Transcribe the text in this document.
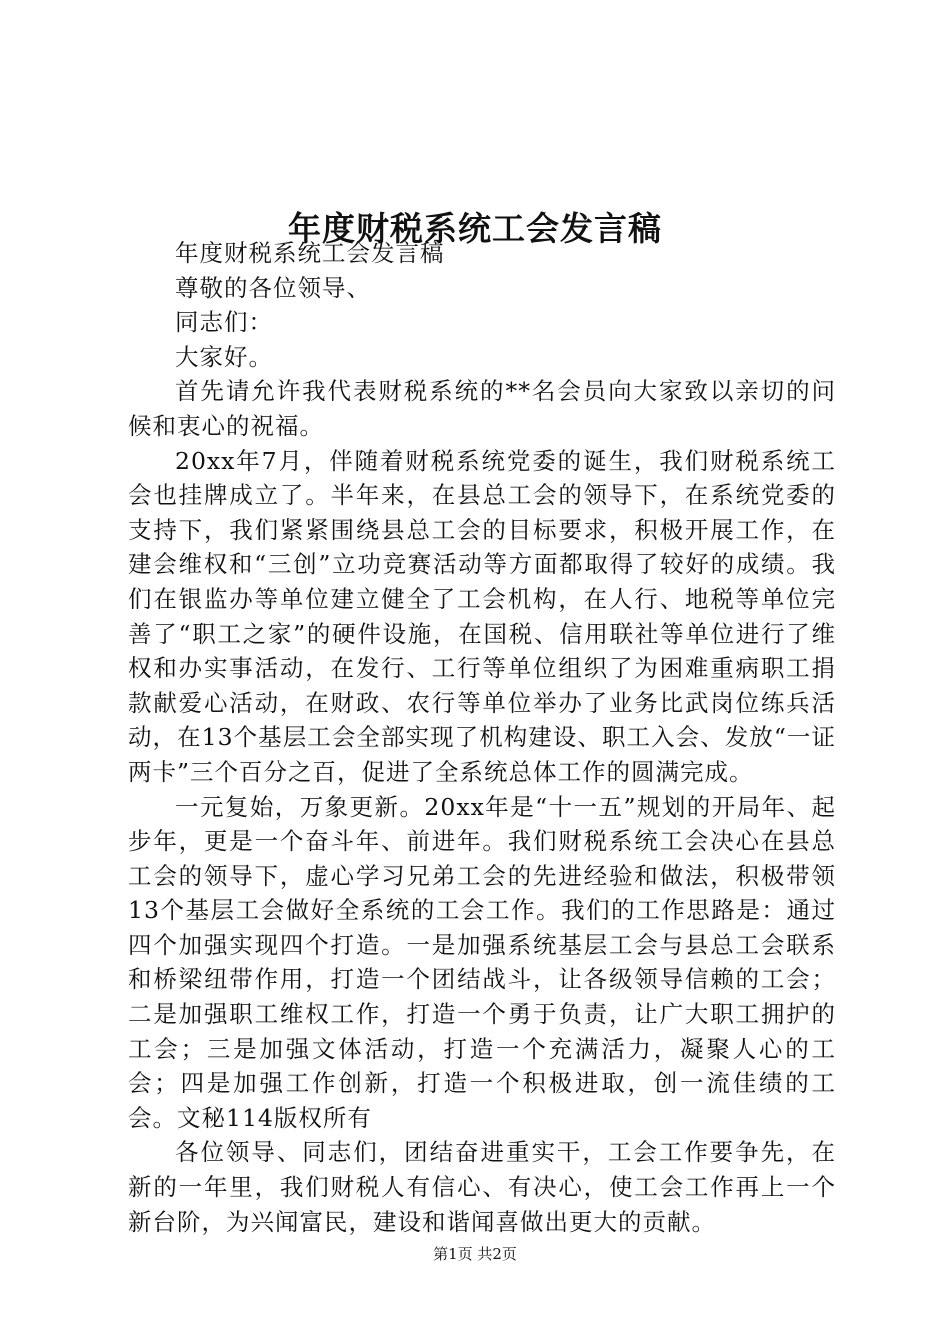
年度财税系统工会发言稿

年度财税系统工会发言稿

尊敬的各位领导、

同志们：

大家好。

首先请允许我代表财税系统的**名会员向大家致以亲切的问候和衷心的祝福。

20xx年7月，伴随着财税系统党委的诞生，我们财税系统工会也挂牌成立了。半年来，在县总工会的领导下，在系统党委的支持下，我们紧紧围绕县总工会的目标要求，积极开展工作，在建会维权和“三创”立功竞赛活动等方面都取得了较好的成绩。我们在银监办等单位建立健全了工会机构，在人行、地税等单位完善了“职工之家”的硬件设施，在国税、信用联社等单位进行了维权和办实事活动，在发行、工行等单位组织了为困难重病职工捐款献爱心活动，在财政、农行等单位举办了业务比武岗位练兵活动，在13个基层工会全部实现了机构建设、职工入会、发放“一证两卡”三个百分之百，促进了全系统总体工作的圆满完成。

一元复始，万象更新。20xx年是“十一五”规划的开局年、起步年，更是一个奋斗年、前进年。我们财税系统工会决心在县总工会的领导下，虚心学习兄弟工会的先进经验和做法，积极带领13个基层工会做好全系统的工会工作。我们的工作思路是：通过四个加强实现四个打造。一是加强系统基层工会与县总工会联系和桥梁纽带作用，打造一个团结战斗，让各级领导信赖的工会；二是加强职工维权工作，打造一个勇于负责，让广大职工拥护的工会；三是加强文体活动，打造一个充满活力，凝聚人心的工会；四是加强工作创新，打造一个积极进取，创一流佳绩的工会。文秘114版权所有

各位领导、同志们，团结奋进重实干，工会工作要争先，在新的一年里，我们财税人有信心、有决心，使工会工作再上一个新台阶，为兴闻富民，建设和谐闻喜做出更大的贡献。

第1页 共2页
